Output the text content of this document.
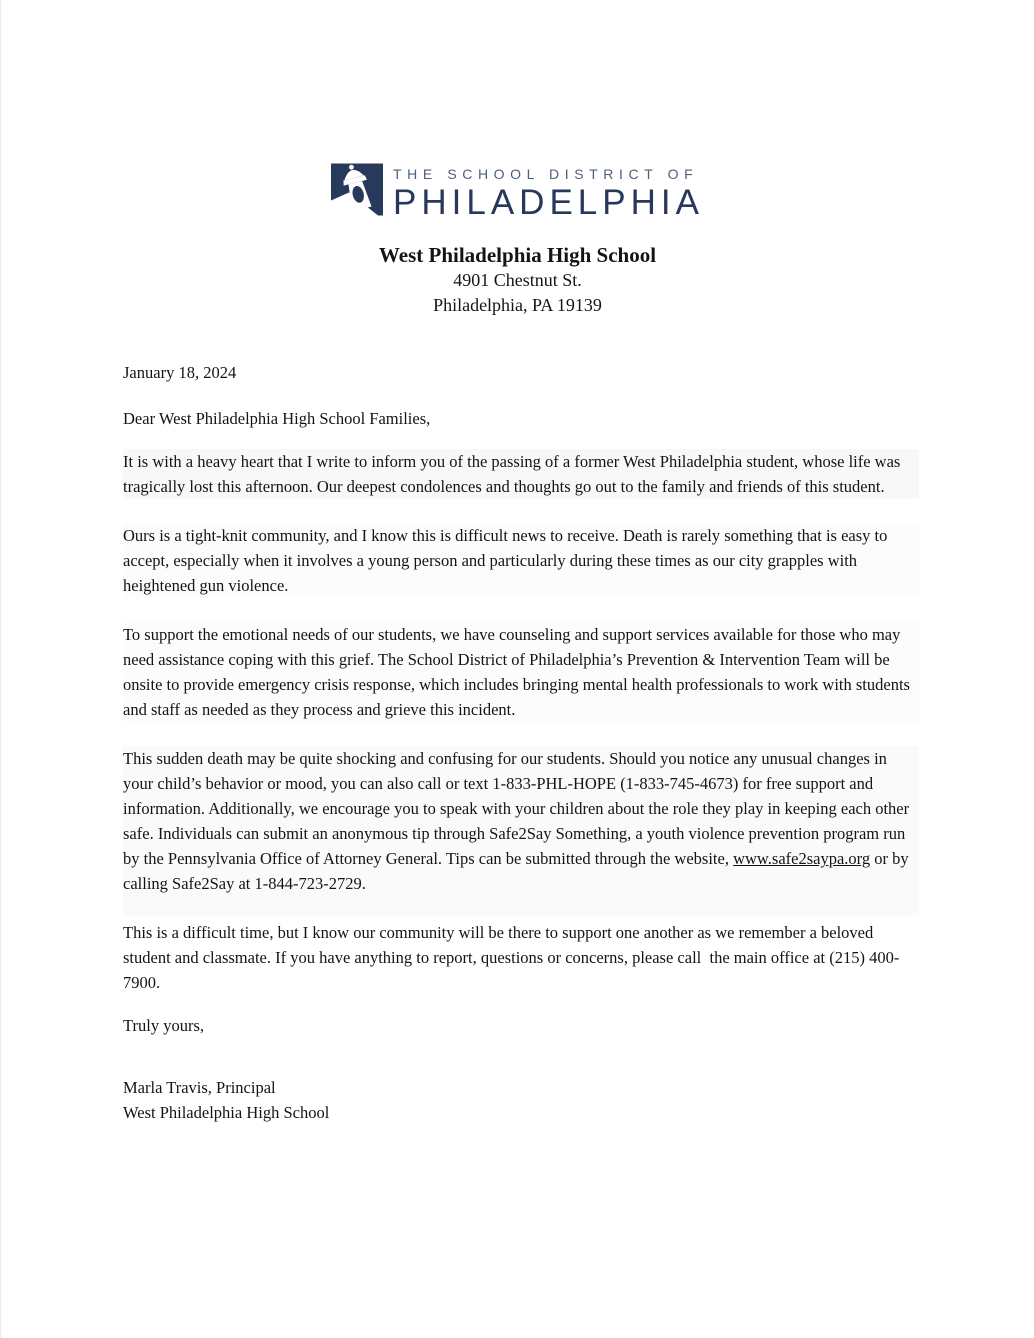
THE SCHOOL DISTRICT OF
PHILADELPHIA

West Philadelphia High School

4901 Chestnut St.

Philadelphia, PA 19139

January 18, 2024

Dear West Philadelphia High School Families,

It is with a heavy heart that I write to inform you of the passing of a former West Philadelphia student, whose life was tragically lost this afternoon. Our deepest condolences and thoughts go out to the family and friends of this student.

Ours is a tight-knit community, and I know this is difficult news to receive. Death is rarely something that is easy to accept, especially when it involves a young person and particularly during these times as our city grapples with heightened gun violence.

To support the emotional needs of our students, we have counseling and support services available for those who may need assistance coping with this grief. The School District of Philadelphia’s Prevention & Intervention Team will be onsite to provide emergency crisis response, which includes bringing mental health professionals to work with students and staff as needed as they process and grieve this incident.

This sudden death may be quite shocking and confusing for our students. Should you notice any unusual changes in your child’s behavior or mood, you can also call or text 1-833-PHL-HOPE (1-833-745-4673) for free support and information. Additionally, we encourage you to speak with your children about the role they play in keeping each other safe. Individuals can submit an anonymous tip through Safe2Say Something, a youth violence prevention program run by the Pennsylvania Office of Attorney General. Tips can be submitted through the website, www.safe2saypa.org or by calling Safe2Say at 1-844-723-2729.

This is a difficult time, but I know our community will be there to support one another as we remember a beloved student and classmate. If you have anything to report, questions or concerns, please call  the main office at (215) 400-7900.

Truly yours,

Marla Travis, Principal

West Philadelphia High School
